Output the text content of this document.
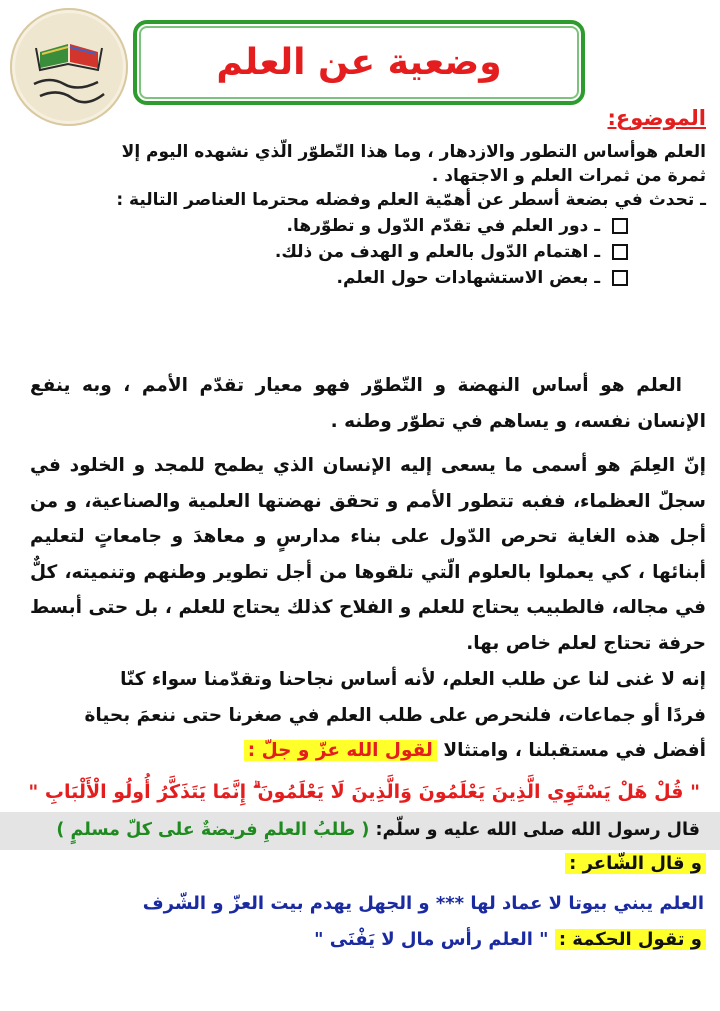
وضعية عن العلم
الموضوع:
العلم هوأساس التطور والازدهار ، وما هذا التّطوّر الّذي نشهده اليوم إلا
ثمرة من ثمرات العلم و الاجتهاد .
ـ تحدث في بضعة أسطر عن أهمّية العلم وفضله محترما العناصر التالية :
ـ دور العلم في تقدّم الدّول و تطوّرها.
ـ اهتمام الدّول بالعلم و الهدف من ذلك.
ـ بعض الاستشهادات حول العلم.
العلم هو أساس النهضة و التّطوّر فهو معيار تقدّم الأمم ، وبه ينفع الإنسان نفسه، و يساهم في تطوّر وطنه .
إنّ العِلمَ هو أسمى ما يسعى إليه الإنسان الذي يطمح للمجد و الخلود في سجلّ العظماء، ففبه تتطور الأمم و تحقق نهضتها العلمية والصناعية، و من أجل هذه الغاية تحرص الدّول على بناء مدارسٍ و معاهدَ و جامعاتٍ لتعليم أبنائها ، كي يعملوا بالعلوم الّتي تلقوها من أجل تطوير وطنهم وتنميته، كلٌّ في مجاله، فالطبيب يحتاج للعلم و الفلاح كذلك يحتاج للعلم ، بل حتى أبسط حرفة تحتاج لعلم خاص بها.
إنه لا غنى لنا عن طلب العلم، لأنه أساس نجاحنا وتقدّمنا سواء كنّا
فردًا أو جماعات، فلنحرص على طلب العلم في صغرنا حتى ننعمَ بحياة
أفضل في مستقبلنا ، وامتثالا لقول الله عزّ و جلّ :
" قُلْ هَلْ يَسْتَوِي الَّذِينَ يَعْلَمُونَ وَالَّذِينَ لَا يَعْلَمُونَ ۗ إِنَّمَا يَتَذَكَّرُ أُولُو الْأَلْبَابِ "
قال رسول الله صلى الله عليه و سلّم: ( طلبُ العلمِ فريضةٌ على كلّ مسلمٍ )
و قال الشّاعر :
العلم يبني بيوتا لا عماد لها *** و الجهل يهدم بيت العزّ و الشّرف
و تقول الحكمة : " العلم رأس مال لا يَفْنَى "
